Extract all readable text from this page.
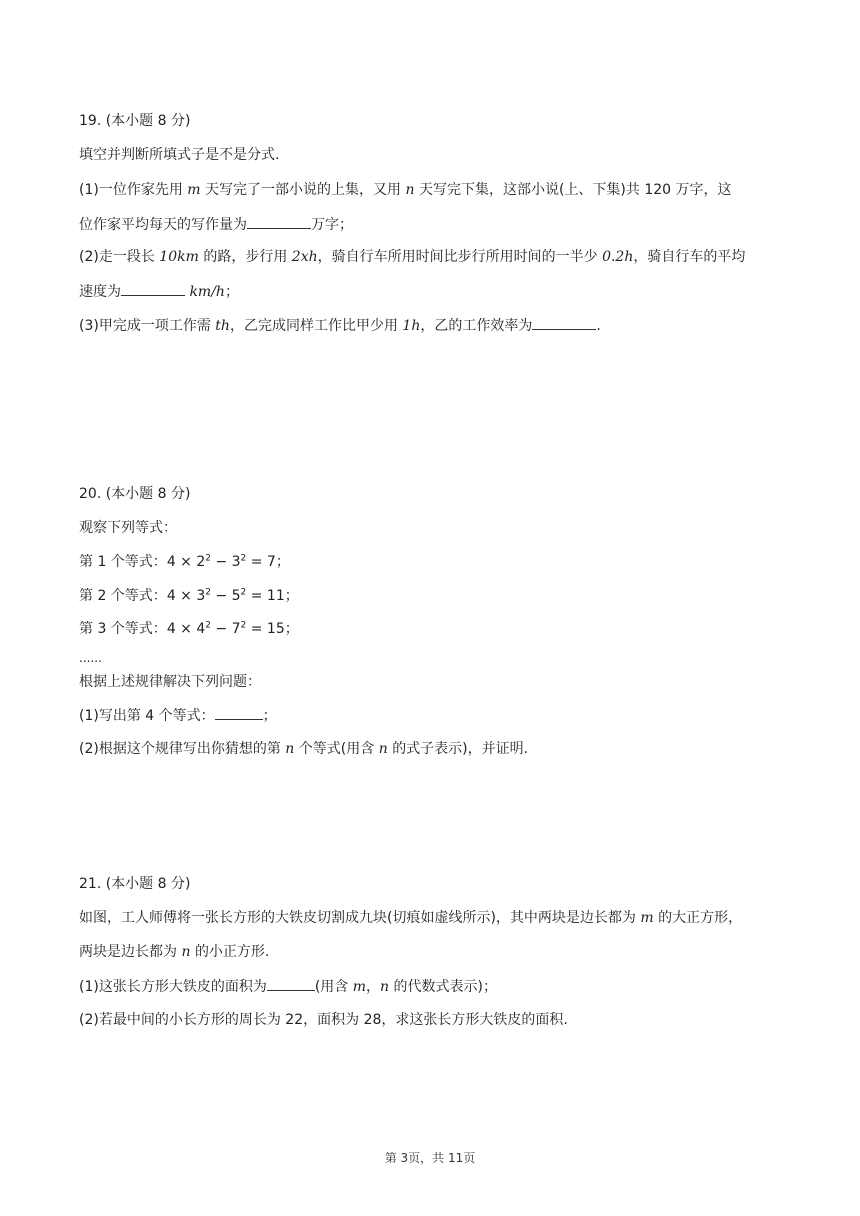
19. (本小题 8 分)
填空并判断所填式子是不是分式.
(1)一位作家先用 m 天写完了一部小说的上集，又用 n 天写完下集，这部小说(上、下集)共 120 万字，这
位作家平均每天的写作量为	万字；
(2)走一段长 10km 的路，步行用 2xh，骑自行车所用时间比步行所用时间的一半少 0.2h，骑自行车的平均
速度为	km/h；
(3)甲完成一项工作需 th，乙完成同样工作比甲少用 1h，乙的工作效率为	.
20. (本小题 8 分)
观察下列等式：
第 1 个等式：$4 \times 2^2 - 3^2 = 7$；
第 2 个等式：$4 \times 3^2 - 5^2 = 11$；
第 3 个等式：$4 \times 4^2 - 7^2 = 15$；
......
根据上述规律解决下列问题：
(1)写出第 4 个等式：	；
(2)根据这个规律写出你猜想的第 n 个等式(用含 n 的式子表示)，并证明.
21. (本小题 8 分)
如图，工人师傅将一张长方形的大铁皮切割成九块(切痕如虚线所示)，其中两块是边长都为 m 的大正方形，
两块是边长都为 n 的小正方形.
(1)这张长方形大铁皮的面积为	(用含 m，n 的代数式表示)；
(2)若最中间的小长方形的周长为 22，面积为 28，求这张长方形大铁皮的面积.
第 3页，共 11页
